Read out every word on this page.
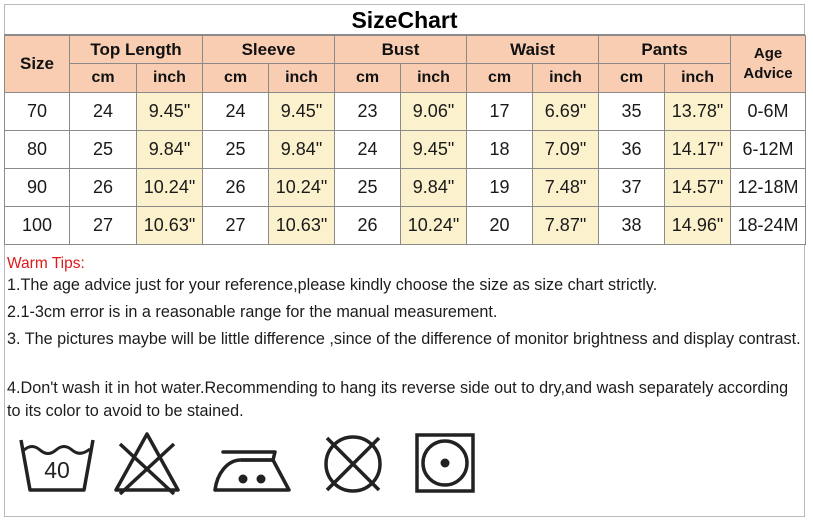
SizeChart
Size	Top Length		Sleeve		Bust		Waist		Pants		Age
Advice
	cm	inch	cm	inch	cm	inch	cm	inch	cm	inch	
70	24	9.45"	24	9.45"	23	9.06"	17	6.69"	35	13.78"	0-6M
80	25	9.84"	25	9.84"	24	9.45"	18	7.09"	36	14.17"	6-12M
90	26	10.24"	26	10.24"	25	9.84"	19	7.48"	37	14.57"	12-18M
100	27	10.63"	27	10.63"	26	10.24"	20	7.87"	38	14.96"	18-24M

Warm Tips:

1.The age advice just for your reference,please kindly choose the size as size chart strictly.

2.1-3cm error is in a reasonable range for the manual measurement.

3. The pictures maybe will be little difference ,since of the difference of monitor brightness and display contrast.

4.Don't wash it in hot water.Recommending to hang its reverse side out to dry,and wash separately according to its color to avoid to be stained.

40
